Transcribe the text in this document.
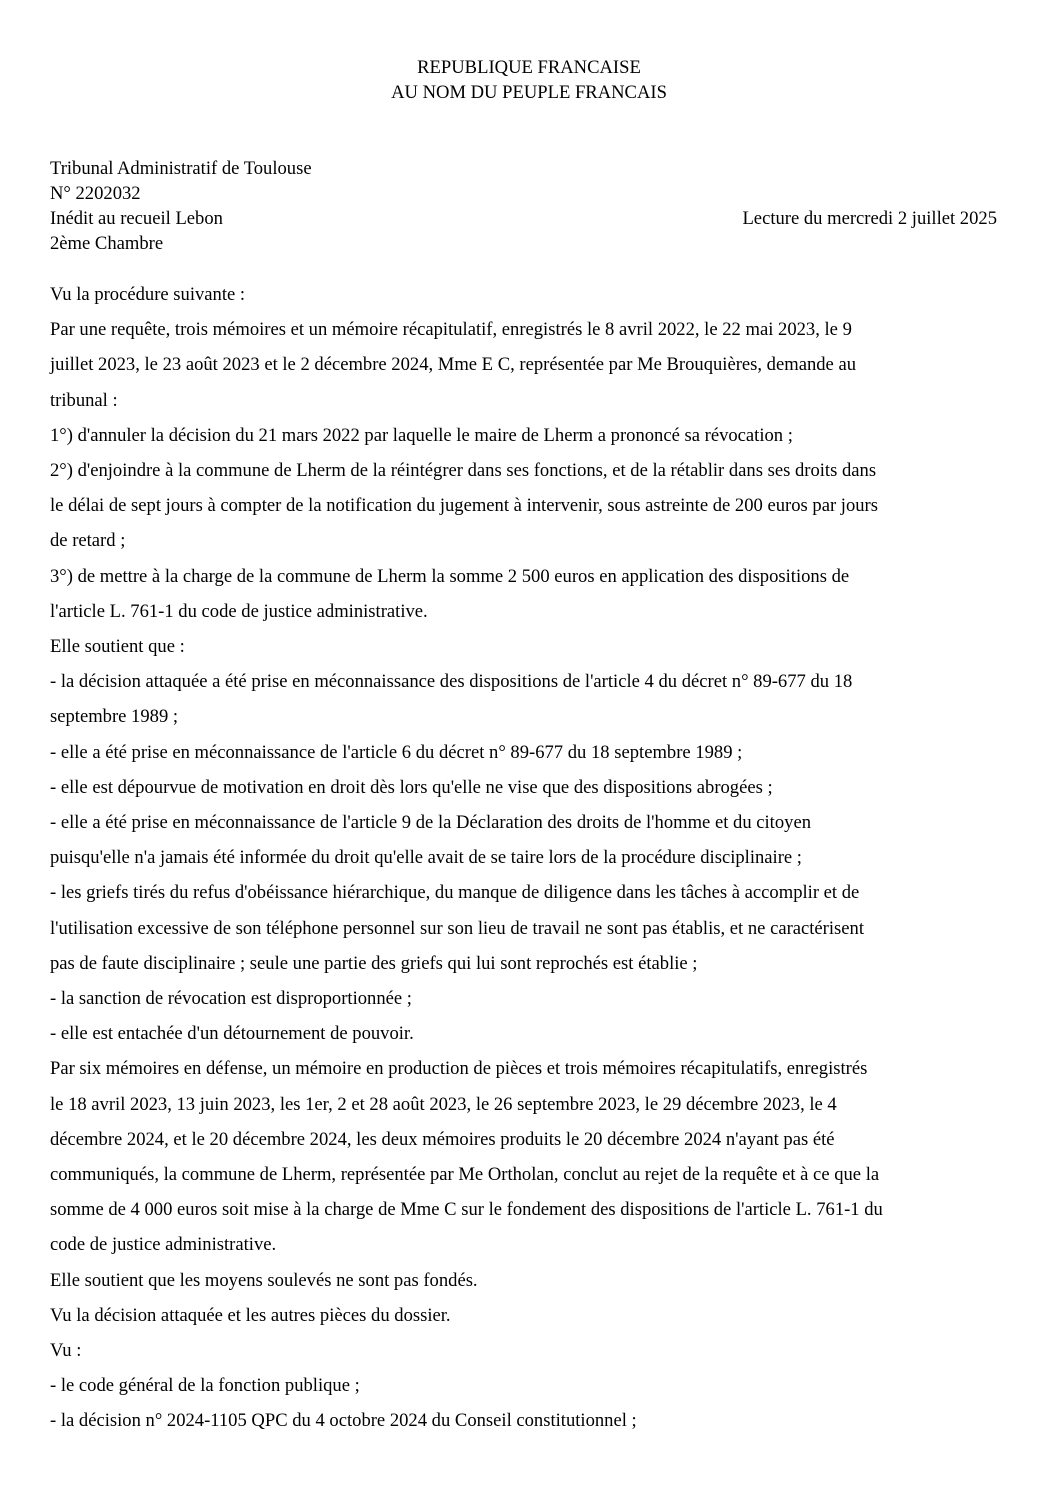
REPUBLIQUE FRANCAISE
AU NOM DU PEUPLE FRANCAIS
Tribunal Administratif de Toulouse
N° 2202032
Inédit au recueil Lebon	Lecture du mercredi 2 juillet 2025
2ème Chambre
Vu la procédure suivante :
Par une requête, trois mémoires et un mémoire récapitulatif, enregistrés le 8 avril 2022, le 22 mai 2023, le 9
juillet 2023, le 23 août 2023 et le 2 décembre 2024, Mme E C, représentée par Me Brouquières, demande au
tribunal :
1°) d'annuler la décision du 21 mars 2022 par laquelle le maire de Lherm a prononcé sa révocation ;
2°) d'enjoindre à la commune de Lherm de la réintégrer dans ses fonctions, et de la rétablir dans ses droits dans
le délai de sept jours à compter de la notification du jugement à intervenir, sous astreinte de 200 euros par jours
de retard ;
3°) de mettre à la charge de la commune de Lherm la somme 2 500 euros en application des dispositions de
l'article L. 761-1 du code de justice administrative.
Elle soutient que :
- la décision attaquée a été prise en méconnaissance des dispositions de l'article 4 du décret n° 89-677 du 18
septembre 1989 ;
- elle a été prise en méconnaissance de l'article 6 du décret n° 89-677 du 18 septembre 1989 ;
- elle est dépourvue de motivation en droit dès lors qu'elle ne vise que des dispositions abrogées ;
- elle a été prise en méconnaissance de l'article 9 de la Déclaration des droits de l'homme et du citoyen
puisqu'elle n'a jamais été informée du droit qu'elle avait de se taire lors de la procédure disciplinaire ;
- les griefs tirés du refus d'obéissance hiérarchique, du manque de diligence dans les tâches à accomplir et de
l'utilisation excessive de son téléphone personnel sur son lieu de travail ne sont pas établis, et ne caractérisent
pas de faute disciplinaire ; seule une partie des griefs qui lui sont reprochés est établie ;
- la sanction de révocation est disproportionnée ;
- elle est entachée d'un détournement de pouvoir.
Par six mémoires en défense, un mémoire en production de pièces et trois mémoires récapitulatifs, enregistrés
le 18 avril 2023, 13 juin 2023, les 1er, 2 et 28 août 2023, le 26 septembre 2023, le 29 décembre 2023, le 4
décembre 2024, et le 20 décembre 2024, les deux mémoires produits le 20 décembre 2024 n'ayant pas été
communiqués, la commune de Lherm, représentée par Me Ortholan, conclut au rejet de la requête et à ce que la
somme de 4 000 euros soit mise à la charge de Mme C sur le fondement des dispositions de l'article L. 761-1 du
code de justice administrative.
Elle soutient que les moyens soulevés ne sont pas fondés.
Vu la décision attaquée et les autres pièces du dossier.
Vu :
- le code général de la fonction publique ;
- la décision n° 2024-1105 QPC du 4 octobre 2024 du Conseil constitutionnel ;
